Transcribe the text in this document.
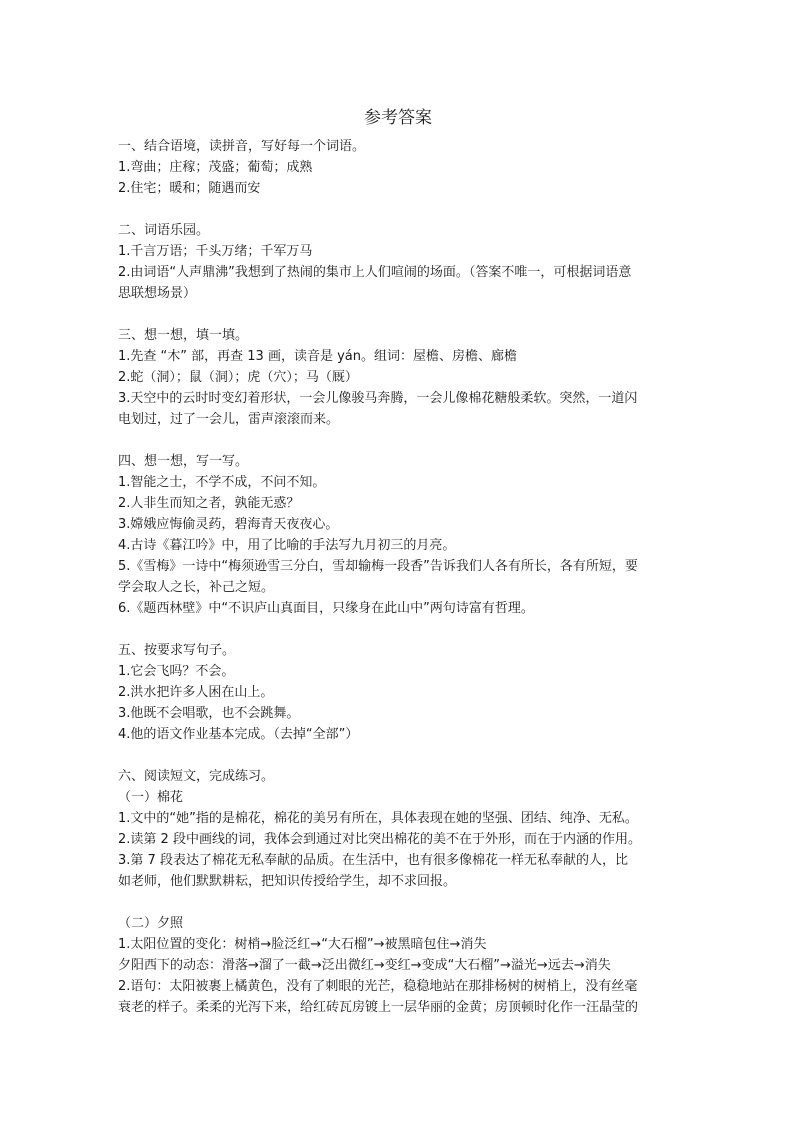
参考答案
一、结合语境，读拼音，写好每一个词语。
1.弯曲；庄稼；茂盛；葡萄；成熟
2.住宅；暖和；随遇而安
二、词语乐园。
1.千言万语；千头万绪；千军万马
2.由词语“人声鼎沸”我想到了热闹的集市上人们喧闹的场面。（答案不唯一，可根据词语意
思联想场景）
三、想一想，填一填。
1.先查 “木” 部，再查 13 画，读音是 yán。组词：屋檐、房檐、廊檐
2.蛇（洞）；鼠（洞）；虎（穴）；马（厩）
3.天空中的云时时变幻着形状，一会儿像骏马奔腾，一会儿像棉花糖般柔软。突然，一道闪
电划过，过了一会儿，雷声滚滚而来。
四、想一想，写一写。
1.智能之士，不学不成，不问不知。
2.人非生而知之者，孰能无惑？
3.嫦娥应悔偷灵药，碧海青天夜夜心。
4.古诗《暮江吟》中，用了比喻的手法写九月初三的月亮。
5.《雪梅》一诗中“梅须逊雪三分白，雪却输梅一段香”告诉我们人各有所长，各有所短，要
学会取人之长，补己之短。
6.《题西林壁》中“不识庐山真面目，只缘身在此山中”两句诗富有哲理。
五、按要求写句子。
1.它会飞吗？不会。
2.洪水把许多人困在山上。
3.他既不会唱歌，也不会跳舞。
4.他的语文作业基本完成。（去掉“全部”）
六、阅读短文，完成练习。
（一）棉花
1.文中的“她”指的是棉花，棉花的美另有所在，具体表现在她的坚强、团结、纯净、无私。
2.读第 2 段中画线的词，我体会到通过对比突出棉花的美不在于外形，而在于内涵的作用。
3.第 7 段表达了棉花无私奉献的品质。在生活中，也有很多像棉花一样无私奉献的人，比
如老师，他们默默耕耘，把知识传授给学生，却不求回报。
（二）夕照
1.太阳位置的变化：树梢→脸泛红→“大石榴”→被黑暗包住→消失
夕阳西下的动态：滑落→溜了一截→泛出微红→变红→变成“大石榴”→溢光→远去→消失
2.语句：太阳被裹上橘黄色，没有了刺眼的光芒，稳稳地站在那排杨树的树梢上，没有丝毫
衰老的样子。柔柔的光泻下来，给红砖瓦房镀上一层华丽的金黄；房顶顿时化作一汪晶莹的
